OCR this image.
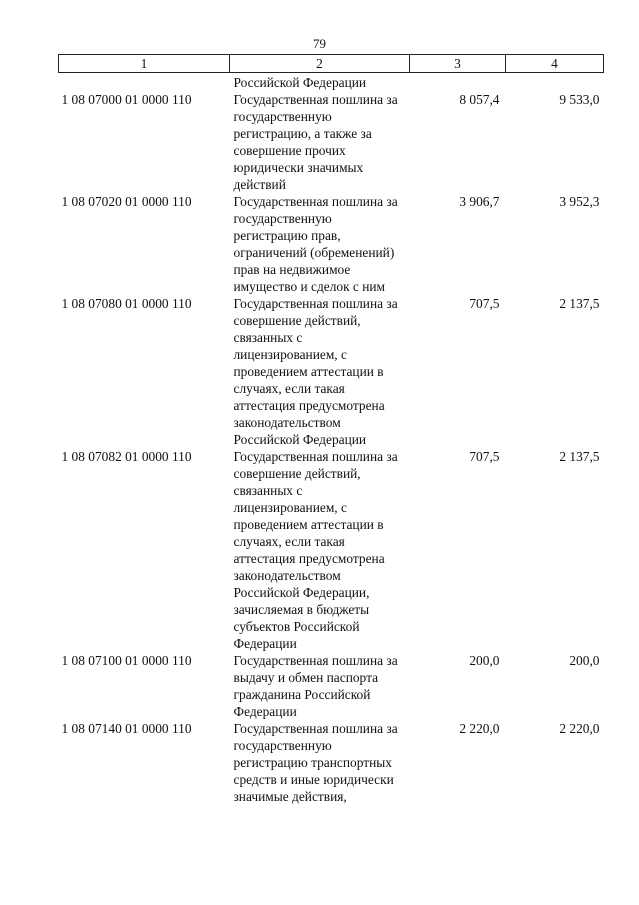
79
1	2	3	4
	Российской Федерации		
1 08 07000 01 0000 110	Государственная пошлина за государственную регистрацию, а также за совершение прочих юридически значимых действий	8 057,4	9 533,0
1 08 07020 01 0000 110	Государственная пошлина за государственную регистрацию прав, ограничений (обременений) прав на недвижимое имущество и сделок с ним	3 906,7	3 952,3
1 08 07080 01 0000 110	Государственная пошлина за совершение действий, связанных с лицензированием, с проведением аттестации в случаях, если такая аттестация предусмотрена законодательством Российской Федерации	707,5	2 137,5
1 08 07082 01 0000 110	Государственная пошлина за совершение действий, связанных с лицензированием, с проведением аттестации в случаях, если такая аттестация предусмотрена законодательством Российской Федерации, зачисляемая в бюджеты субъектов Российской Федерации	707,5	2 137,5
1 08 07100 01 0000 110	Государственная пошлина за выдачу и обмен паспорта гражданина Российской Федерации	200,0	200,0
1 08 07140 01 0000 110	Государственная пошлина за государственную регистрацию транспортных средств и иные юридически значимые действия,	2 220,0	2 220,0
